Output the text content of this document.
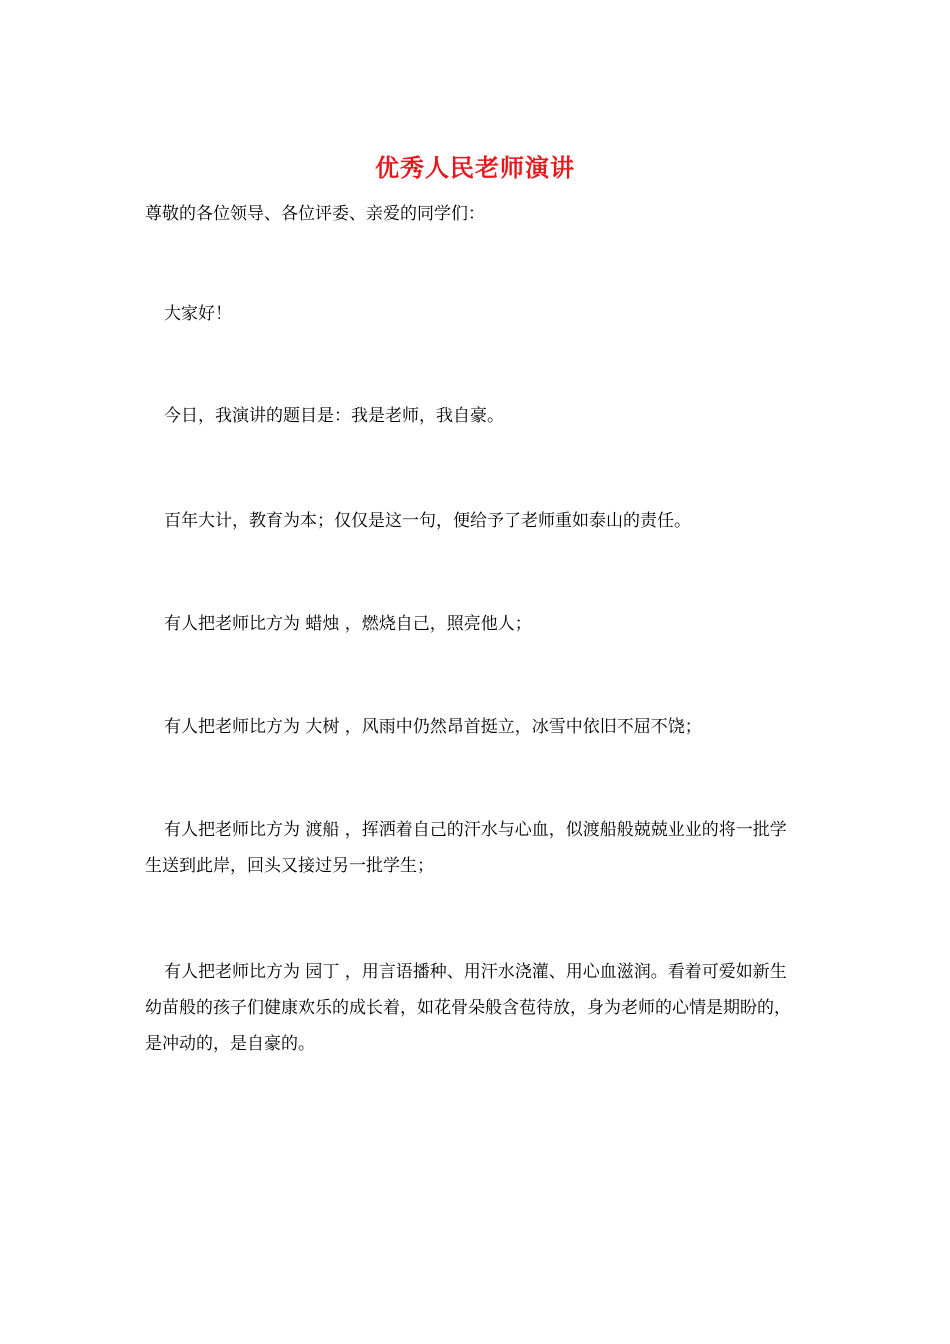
优秀人民老师演讲

尊敬的各位领导、各位评委、亲爱的同学们：

大家好！

今日，我演讲的题目是：我是老师，我自豪。

百年大计，教育为本；仅仅是这一句，便给予了老师重如泰山的责任。

有人把老师比方为 蜡烛 ，燃烧自己，照亮他人；

有人把老师比方为 大树 ，风雨中仍然昂首挺立，冰雪中依旧不屈不饶；

有人把老师比方为 渡船 ，挥洒着自己的汗水与心血，似渡船般兢兢业业的将一批学生送到此岸，回头又接过另一批学生；

有人把老师比方为 园丁 ，用言语播种、用汗水浇灌、用心血滋润。看着可爱如新生幼苗般的孩子们健康欢乐的成长着，如花骨朵般含苞待放，身为老师的心情是期盼的，是冲动的，是自豪的。
